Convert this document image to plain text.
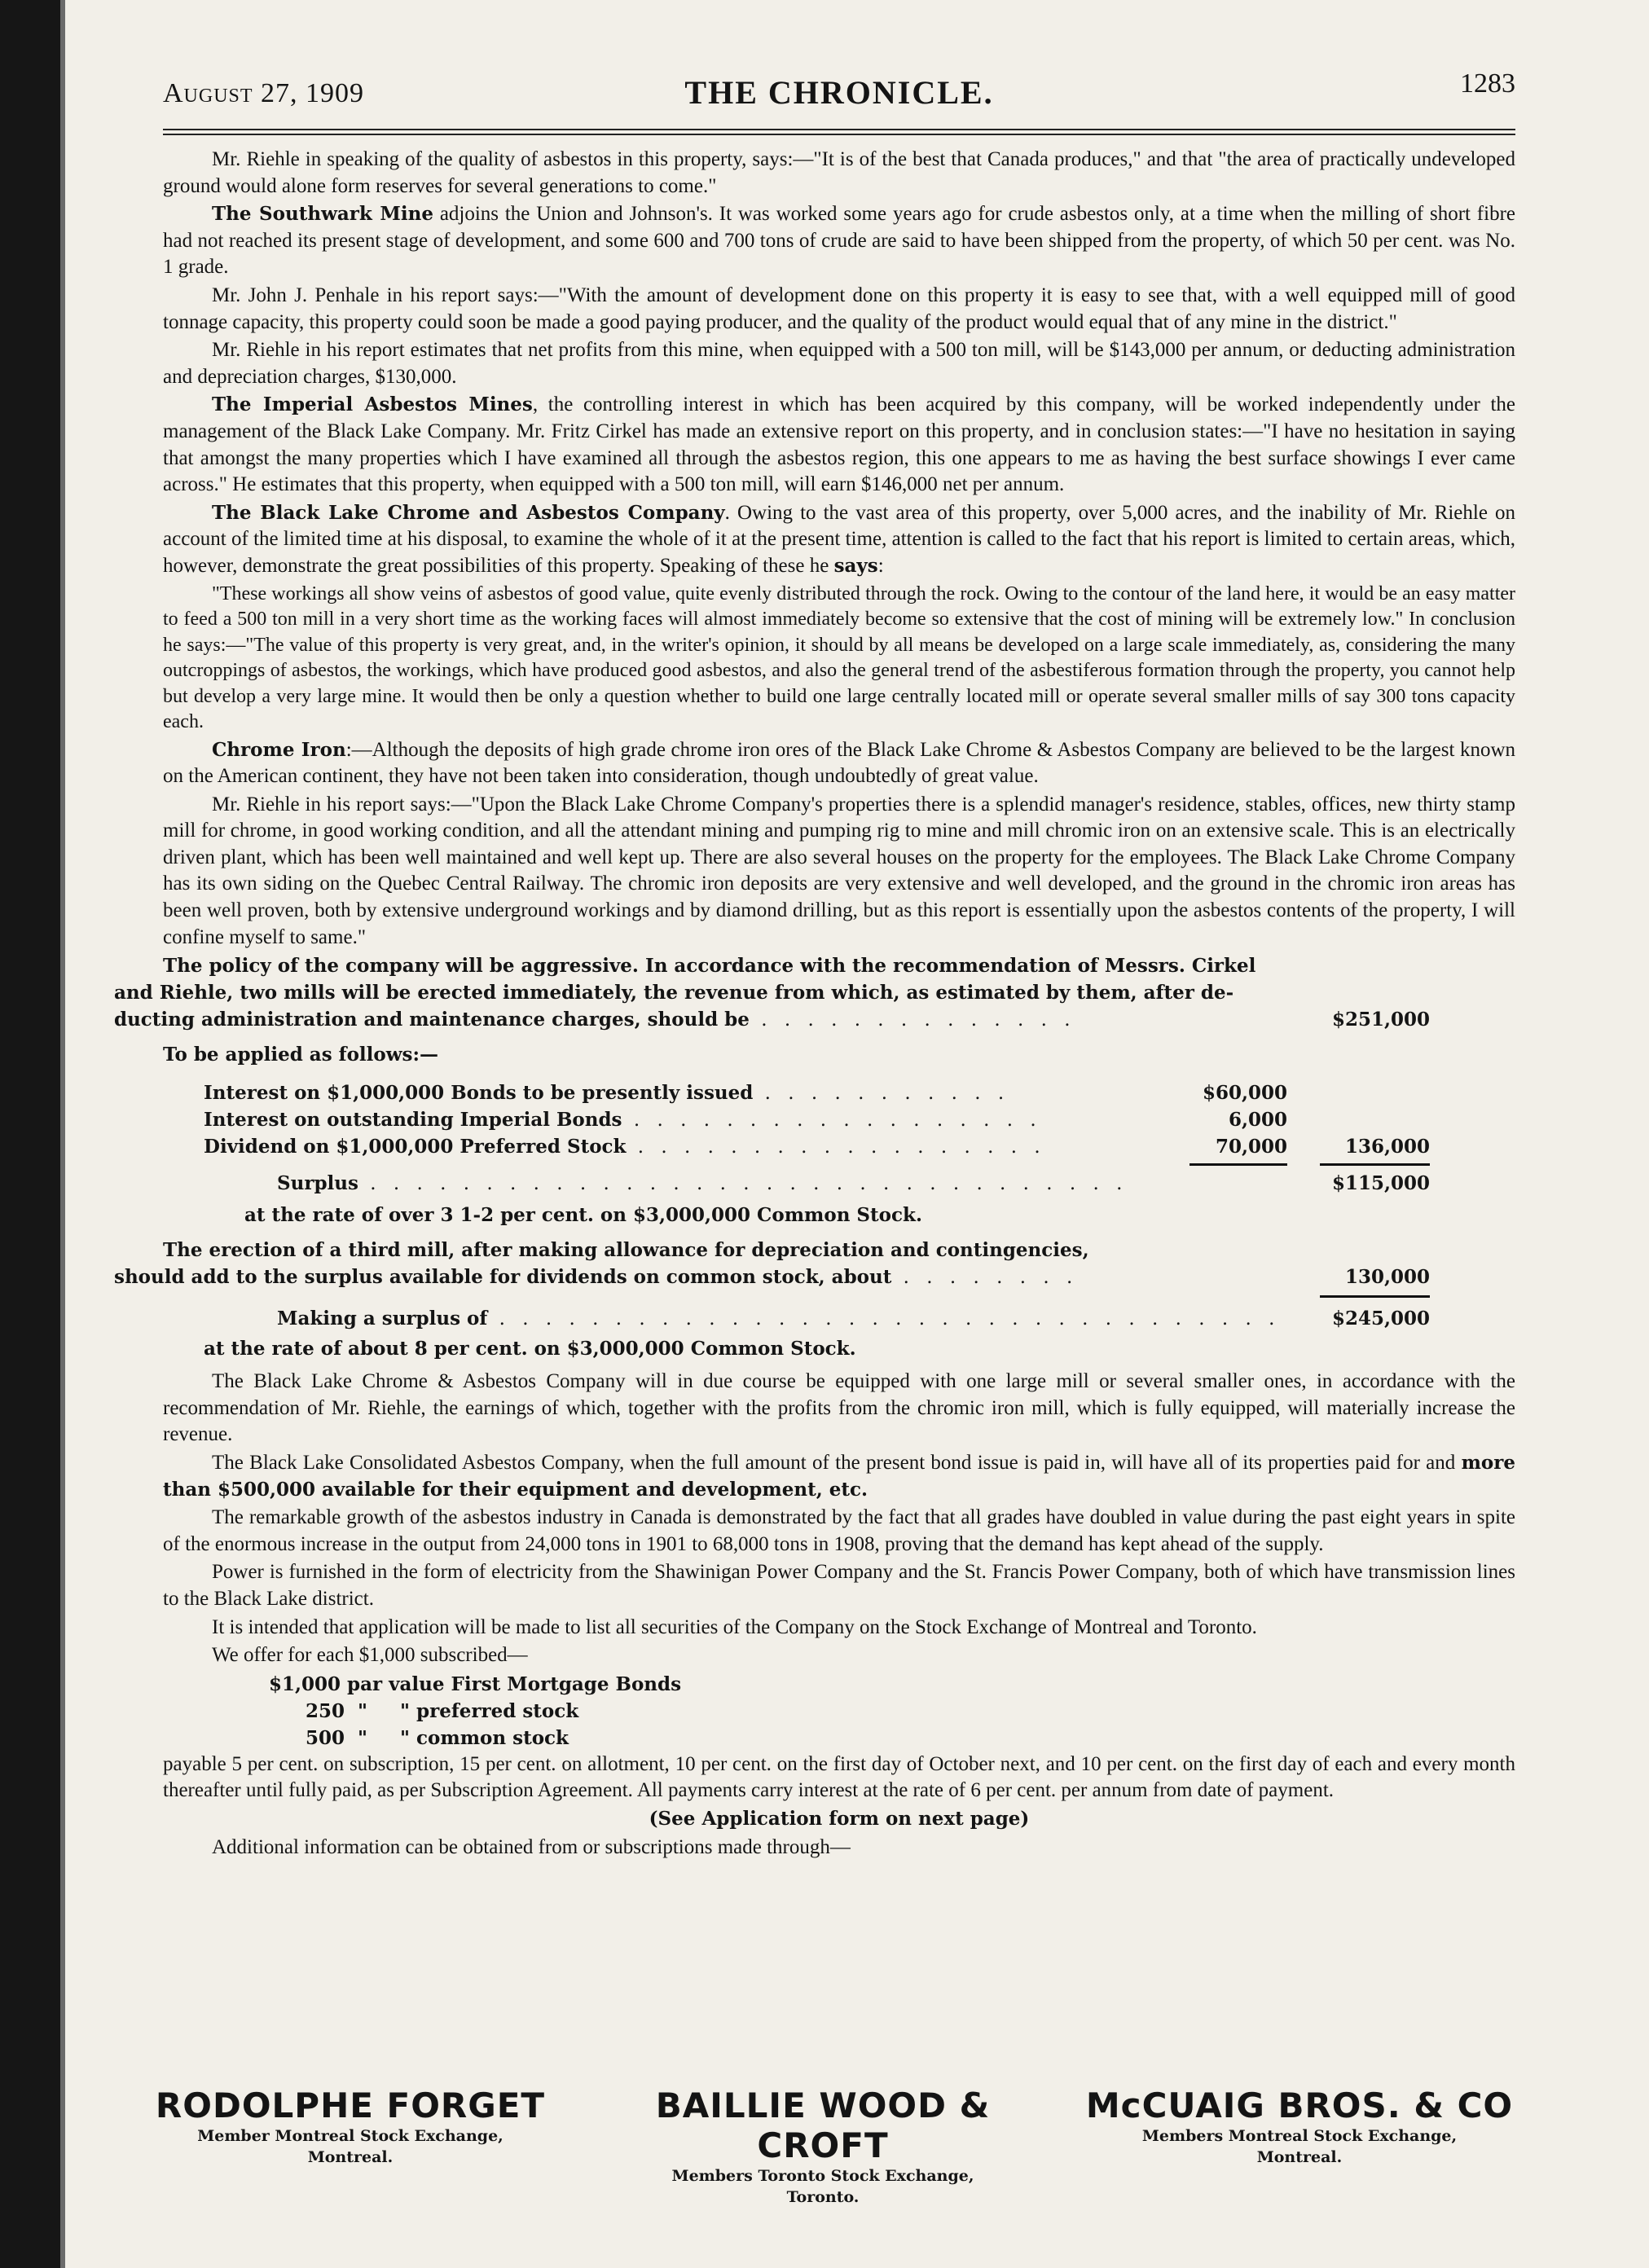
August 27, 1909	THE CHRONICLE.	1283

Mr. Riehle in speaking of the quality of asbestos in this property, says:—"It is of the best that Canada produces," and that "the area of practically undeveloped ground would alone form reserves for several generations to come."

The Southwark Mine adjoins the Union and Johnson's. It was worked some years ago for crude asbestos only, at a time when the milling of short fibre had not reached its present stage of development, and some 600 and 700 tons of crude are said to have been shipped from the property, of which 50 per cent. was No. 1 grade.

Mr. John J. Penhale in his report says:—"With the amount of development done on this property it is easy to see that, with a well equipped mill of good tonnage capacity, this property could soon be made a good paying producer, and the quality of the product would equal that of any mine in the district."

Mr. Riehle in his report estimates that net profits from this mine, when equipped with a 500 ton mill, will be $143,000 per annum, or deducting administration and depreciation charges, $130,000.

The Imperial Asbestos Mines, the controlling interest in which has been acquired by this company, will be worked independently under the management of the Black Lake Company. Mr. Fritz Cirkel has made an extensive report on this property, and in conclusion states:—"I have no hesitation in saying that amongst the many properties which I have examined all through the asbestos region, this one appears to me as having the best surface showings I ever came across." He estimates that this property, when equipped with a 500 ton mill, will earn $146,000 net per annum.

The Black Lake Chrome and Asbestos Company. Owing to the vast area of this property, over 5,000 acres, and the inability of Mr. Riehle on account of the limited time at his disposal, to examine the whole of it at the present time, attention is called to the fact that his report is limited to certain areas, which, however, demonstrate the great possibilities of this property. Speaking of these he says:

"These workings all show veins of asbestos of good value, quite evenly distributed through the rock. Owing to the contour of the land here, it would be an easy matter to feed a 500 ton mill in a very short time as the working faces will almost immediately become so extensive that the cost of mining will be extremely low." In conclusion he says:—"The value of this property is very great, and, in the writer's opinion, it should by all means be developed on a large scale immediately, as, considering the many outcroppings of asbestos, the workings, which have produced good asbestos, and also the general trend of the asbestiferous formation through the property, you cannot help but develop a very large mine. It would then be only a question whether to build one large centrally located mill or operate several smaller mills of say 300 tons capacity each.

Chrome Iron:—Although the deposits of high grade chrome iron ores of the Black Lake Chrome & Asbestos Company are believed to be the largest known on the American continent, they have not been taken into consideration, though undoubtedly of great value.

Mr. Riehle in his report says:—"Upon the Black Lake Chrome Company's properties there is a splendid manager's residence, stables, offices, new thirty stamp mill for chrome, in good working condition, and all the attendant mining and pumping rig to mine and mill chromic iron on an extensive scale. This is an electrically driven plant, which has been well maintained and well kept up. There are also several houses on the property for the employees. The Black Lake Chrome Company has its own siding on the Quebec Central Railway. The chromic iron deposits are very extensive and well developed, and the ground in the chromic iron areas has been well proven, both by extensive underground workings and by diamond drilling, but as this report is essentially upon the asbestos contents of the property, I will confine myself to same."

The policy of the company will be aggressive. In accordance with the recommendation of Messrs. Cirkel
and Riehle, two mills will be erected immediately, the revenue from which, as estimated by them, after de-
ducting administration and maintenance charges, should be . . . . . . . . . . . . . .	$251,000
To be applied as follows:—
Interest on $1,000,000 Bonds to be presently issued . . . . . . . . . . .	$60,000
Interest on outstanding Imperial Bonds . . . . . . . . . . . . . . . . . .	6,000
Dividend on $1,000,000 Preferred Stock . . . . . . . . . . . . . . . . . .	70,000	136,000
Surplus . . . . . . . . . . . . . . . . . . . . . . . . . . . . . . . . .	$115,000
at the rate of over 3 1-2 per cent. on $3,000,000 Common Stock.
The erection of a third mill, after making allowance for depreciation and contingencies,
should add to the surplus available for dividends on common stock, about . . . . . . . .	130,000
Making a surplus of . . . . . . . . . . . . . . . . . . . . . . . . . . . . . . . . . .	$245,000
at the rate of about 8 per cent. on $3,000,000 Common Stock.

The Black Lake Chrome & Asbestos Company will in due course be equipped with one large mill or several smaller ones, in accordance with the recommendation of Mr. Riehle, the earnings of which, together with the profits from the chromic iron mill, which is fully equipped, will materially increase the revenue.

The Black Lake Consolidated Asbestos Company, when the full amount of the present bond issue is paid in, will have all of its properties paid for and more than $500,000 available for their equipment and development, etc.

The remarkable growth of the asbestos industry in Canada is demonstrated by the fact that all grades have doubled in value during the past eight years in spite of the enormous increase in the output from 24,000 tons in 1901 to 68,000 tons in 1908, proving that the demand has kept ahead of the supply.

Power is furnished in the form of electricity from the Shawinigan Power Company and the St. Francis Power Company, both of which have transmission lines to the Black Lake district.

It is intended that application will be made to list all securities of the Company on the Stock Exchange of Montreal and Toronto.

We offer for each $1,000 subscribed—

$1,000 par value First Mortgage Bonds
250  "     " preferred stock
500  "     " common stock

payable 5 per cent. on subscription, 15 per cent. on allotment, 10 per cent. on the first day of October next, and 10 per cent. on the first day of each and every month thereafter until fully paid, as per Subscription Agreement. All payments carry interest at the rate of 6 per cent. per annum from date of payment.

(See Application form on next page)

Additional information can be obtained from or subscriptions made through—

RODOLPHE FORGET
Member Montreal Stock Exchange,
Montreal.
BAILLIE WOOD & CROFT
Members Toronto Stock Exchange,
Toronto.
McCUAIG BROS. & CO
Members Montreal Stock Exchange,
Montreal.
